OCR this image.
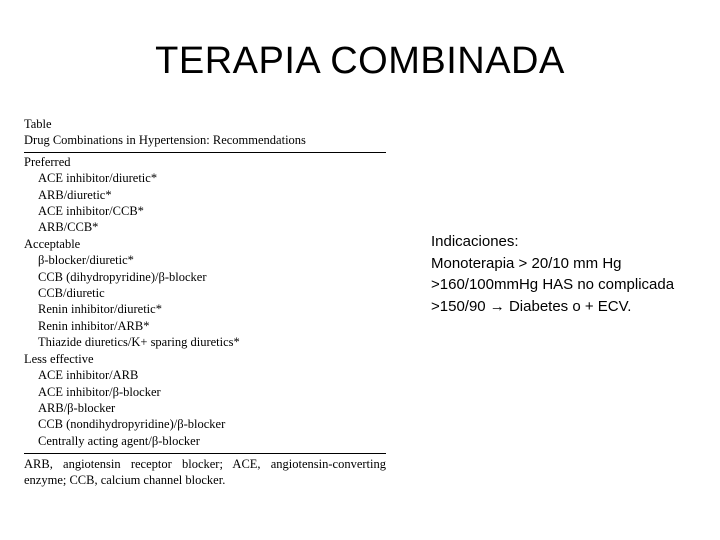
TERAPIA COMBINADA
Table
Drug Combinations in Hypertension: Recommendations
Preferred
ACE inhibitor/diuretic*
ARB/diuretic*
ACE inhibitor/CCB*
ARB/CCB*
Acceptable
β-blocker/diuretic*
CCB (dihydropyridine)/β-blocker
CCB/diuretic
Renin inhibitor/diuretic*
Renin inhibitor/ARB*
Thiazide diuretics/K+ sparing diuretics*
Less effective
ACE inhibitor/ARB
ACE inhibitor/β-blocker
ARB/β-blocker
CCB (nondihydropyridine)/β-blocker
Centrally acting agent/β-blocker
ARB, angiotensin receptor blocker; ACE, angiotensin-converting enzyme; CCB, calcium channel blocker.
Indicaciones:
Monoterapia > 20/10 mm Hg
>160/100mmHg HAS no complicada
>150/90 → Diabetes o + ECV.
